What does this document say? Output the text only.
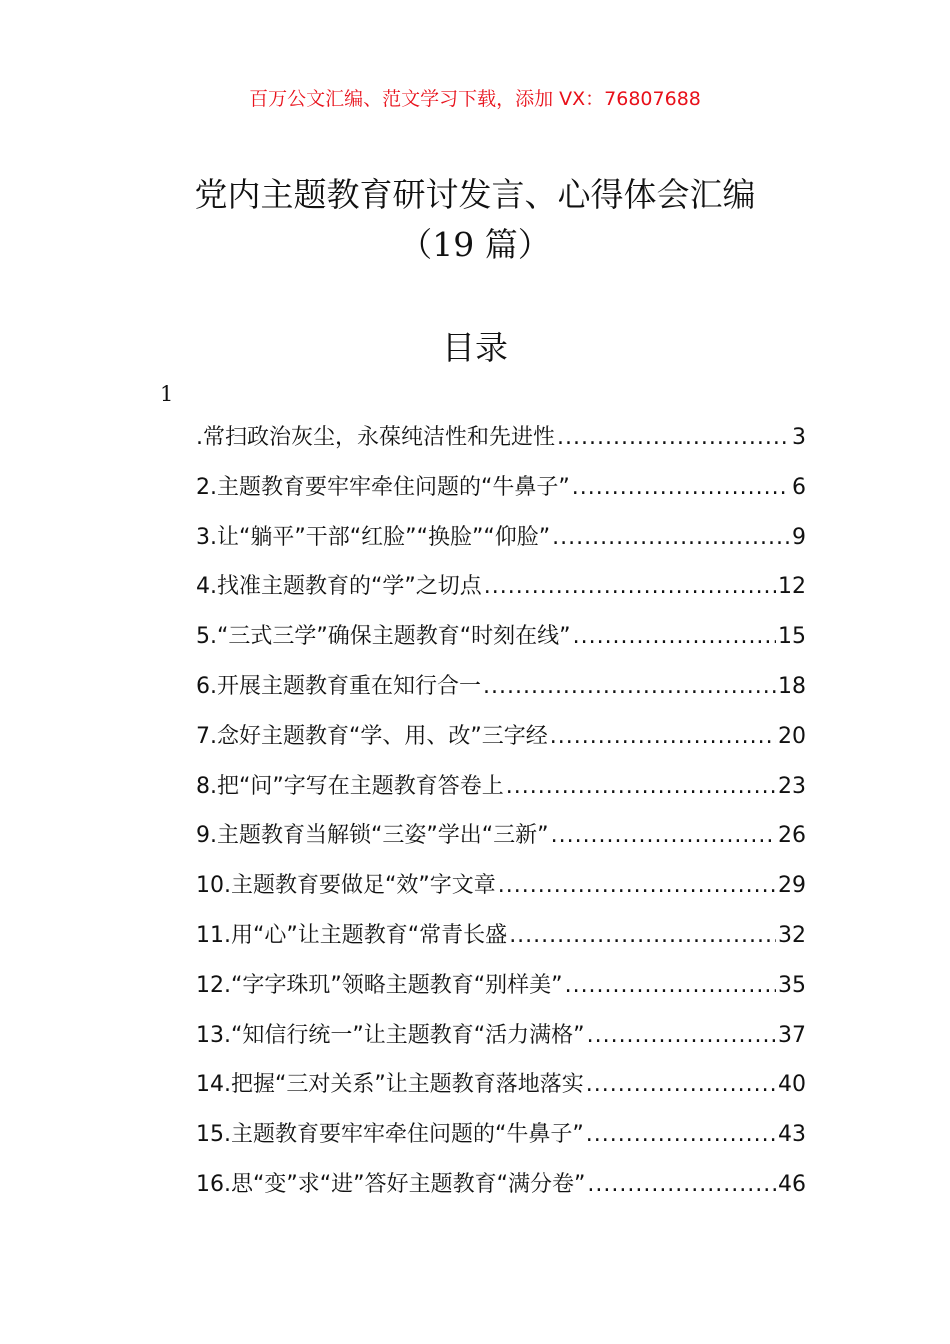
百万公文汇编、范文学习下载，添加 VX：76807688
党内主题教育研讨发言、心得体会汇编
（19 篇）
目录
1
.常扫政治灰尘，永葆纯洁性和先进性 .....	3
2.主题教育要牢牢牵住问题的“牛鼻子” .....	6
3.让“躺平”干部“红脸”“换脸”“仰脸” .....	9
4.找准主题教育的“学”之切点 .....	12
5.“三式三学”确保主题教育“时刻在线” .....	15
6.开展主题教育重在知行合一 .....	18
7.念好主题教育“学、用、改”三字经 .....	20
8.把“问”字写在主题教育答卷上 .....	23
9.主题教育当解锁“三姿”学出“三新” .....	26
10.主题教育要做足“效”字文章 .....	29
11.用“心”让主题教育“常青长盛 .....	32
12.“字字珠玑”领略主题教育“别样美” .....	35
13.“知信行统一”让主题教育“活力满格” .....	37
14.把握“三对关系”让主题教育落地落实 .....	40
15.主题教育要牢牢牵住问题的“牛鼻子” .....	43
16.思“变”求“进”答好主题教育“满分卷” .....	46
